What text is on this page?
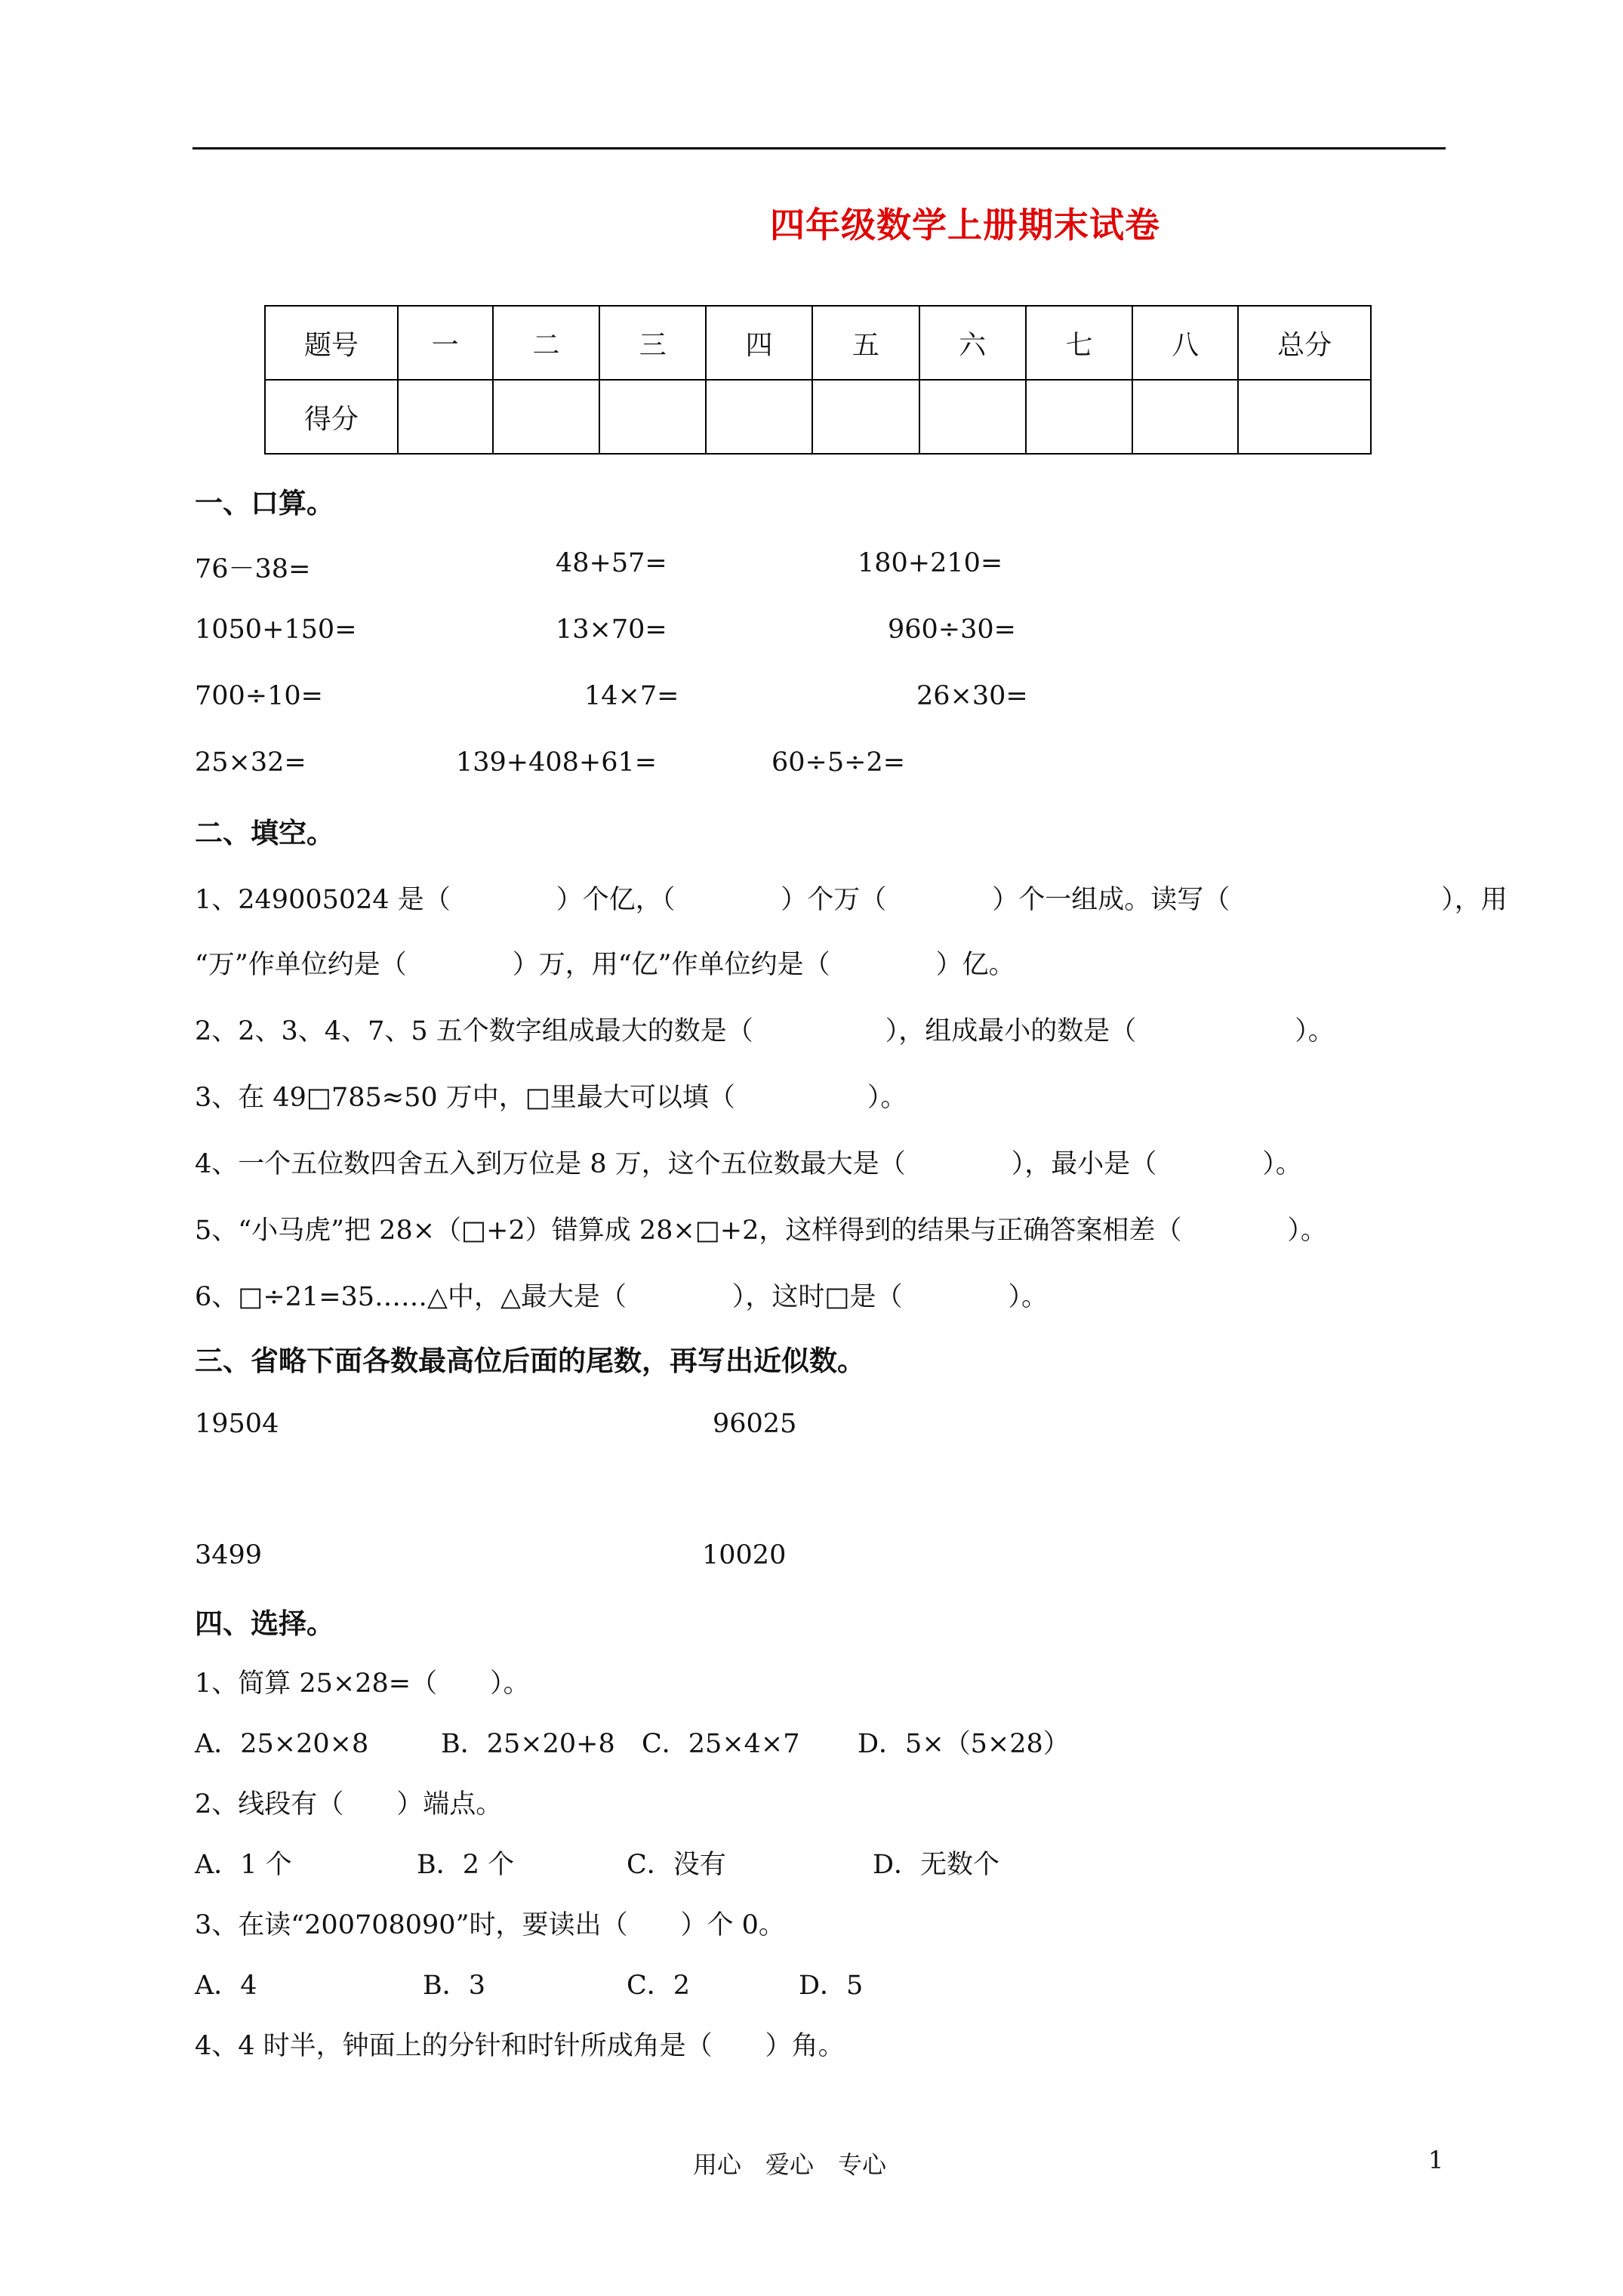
四年级数学上册期末试卷
题号	一	二	三	四	五	六	七	八	总分
得分									
一、口算。
76－38=	48+57=	180+210=
1050+150=	13×70=	960÷30=
700÷10=	14×7=	26×30=
25×32=	139+408+61=	60÷5÷2=
二、填空。
1、249005024 是（　　　　）个亿，（　　　　）个万（　　　　）个一组成。读写（　　　　　　　　），用
“万”作单位约是（　　　　）万，用“亿”作单位约是（　　　　）亿。
2、2、3、4、7、5 五个数字组成最大的数是（　　　　　），组成最小的数是（　　　　　　）。
3、在 49□785≈50 万中，□里最大可以填（　　　　　）。
4、一个五位数四舍五入到万位是 8 万，这个五位数最大是（　　　　），最小是（　　　　）。
5、“小马虎”把 28×（□+2）错算成 28×□+2，这样得到的结果与正确答案相差（　　　　）。
6、□÷21=35……△中，△最大是（　　　　），这时□是（　　　　）。
三、省略下面各数最高位后面的尾数，再写出近似数。
19504	96025
3499	10020
四、选择。
1、简算 25×28=（　　）。
A．25×20×8	B．25×20+8 C．25×4×7 D．5×（5×28）
2、线段有（　　）端点。
A．1 个	B．2 个	C．没有	D．无数个
3、在读“200708090”时，要读出（　　）个 0。
A．4	B．3	C．2	D．5
4、4 时半，钟面上的分针和时针所成角是（　　）角。
用心　爱心　专心	1
